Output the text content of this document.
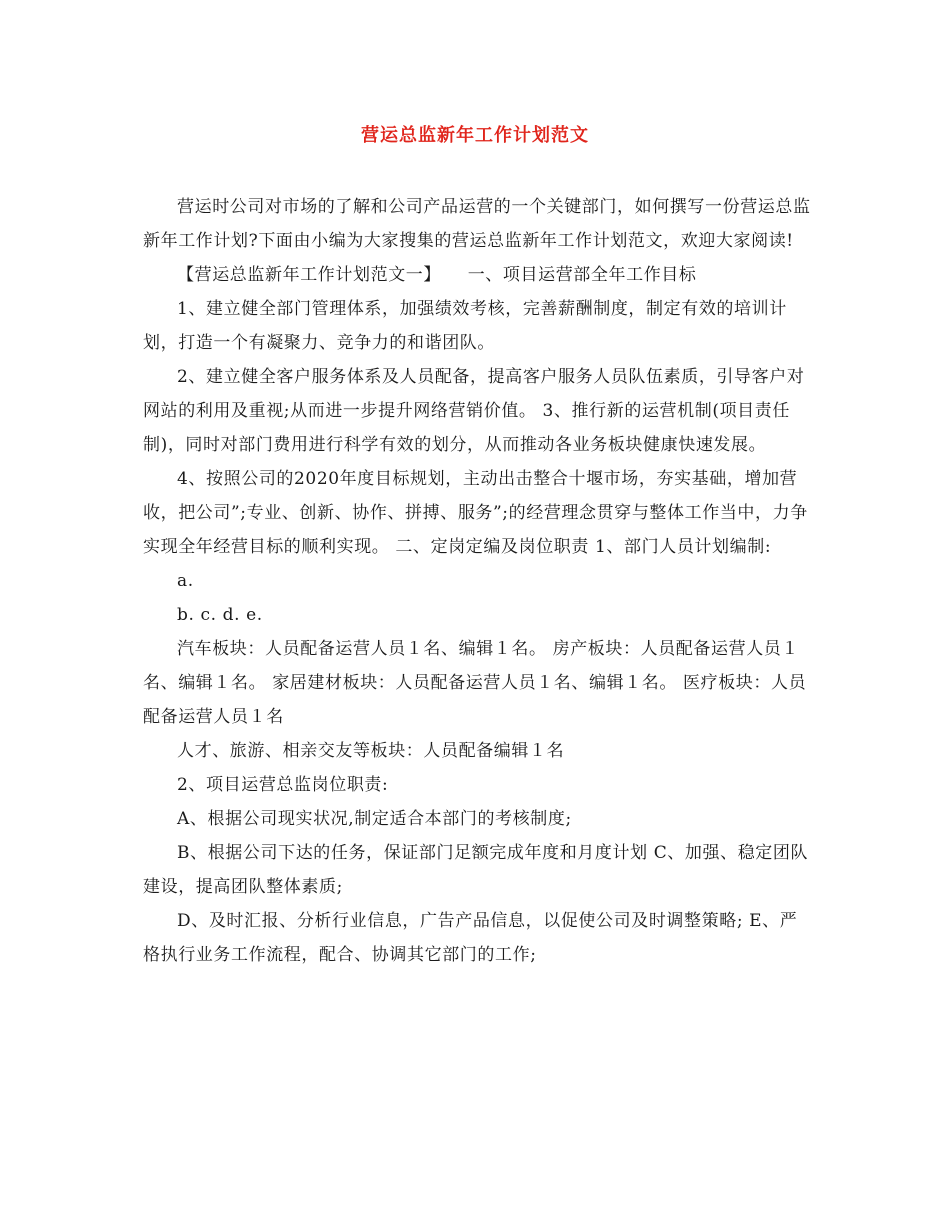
营运总监新年工作计划范文

营运时公司对市场的了解和公司产品运营的一个关键部门，如何撰写一份营运总监新年工作计划?下面由小编为大家搜集的营运总监新年工作计划范文，欢迎大家阅读!

【营运总监新年工作计划范文一】　　一、项目运营部全年工作目标

1、建立健全部门管理体系，加强绩效考核，完善薪酬制度，制定有效的培训计划，打造一个有凝聚力、竞争力的和谐团队。

2、建立健全客户服务体系及人员配备，提高客户服务人员队伍素质，引导客户对网站的利用及重视;从而进一步提升网络营销价值。 3、推行新的运营机制(项目责任制)，同时对部门费用进行科学有效的划分，从而推动各业务板块健康快速发展。

4、按照公司的2020年度目标规划，主动出击整合十堰市场，夯实基础，增加营收，把公司”;专业、创新、协作、拼搏、服务”;的经营理念贯穿与整体工作当中，力争实现全年经营目标的顺利实现。 二、定岗定编及岗位职责 1、部门人员计划编制:

a.

b. c. d. e.

汽车板块：人员配备运营人员１名、编辑１名。 房产板块：人员配备运营人员１名、编辑１名。 家居建材板块：人员配备运营人员１名、编辑１名。 医疗板块：人员配备运营人员１名

人才、旅游、相亲交友等板块：人员配备编辑１名

2、项目运营总监岗位职责:

A、根据公司现实状况,制定适合本部门的考核制度;

B、根据公司下达的任务，保证部门足额完成年度和月度计划 C、加强、稳定团队建设，提高团队整体素质;

D、及时汇报、分析行业信息，广告产品信息，以促使公司及时调整策略; E、严格执行业务工作流程，配合、协调其它部门的工作;
